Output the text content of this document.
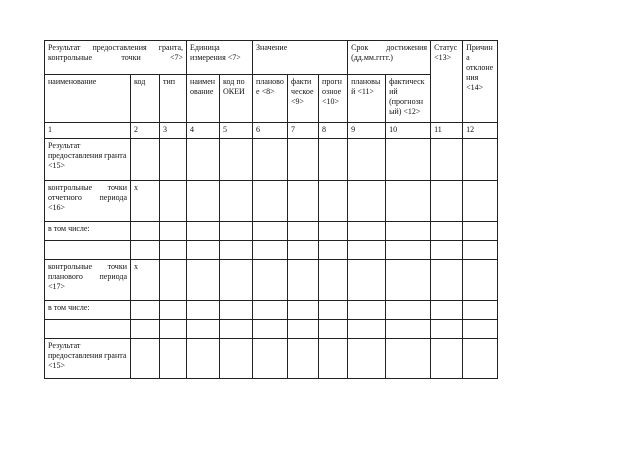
Результат предоставления гранта, контрольные точки <7>			Единица измерения <7>		Значение			Срок достижения (дд.мм.гггг.)		Статус <13>	Причина отклонения <14>
наименование	код	тип	наименование	код по ОКЕИ	плановое <8>	фактическое <9>	прогнозное <10>	плановый <11>	фактический (прогнозный) <12>		
1	2	3	4	5	6	7	8	9	10	11	12
Результат предоставления гранта <15>											
контрольные точки отчетного периода <16>	x										
в том числе:											

контрольные точки планового периода <17>	x										
в том числе:											

Результат предоставления гранта <15>											
